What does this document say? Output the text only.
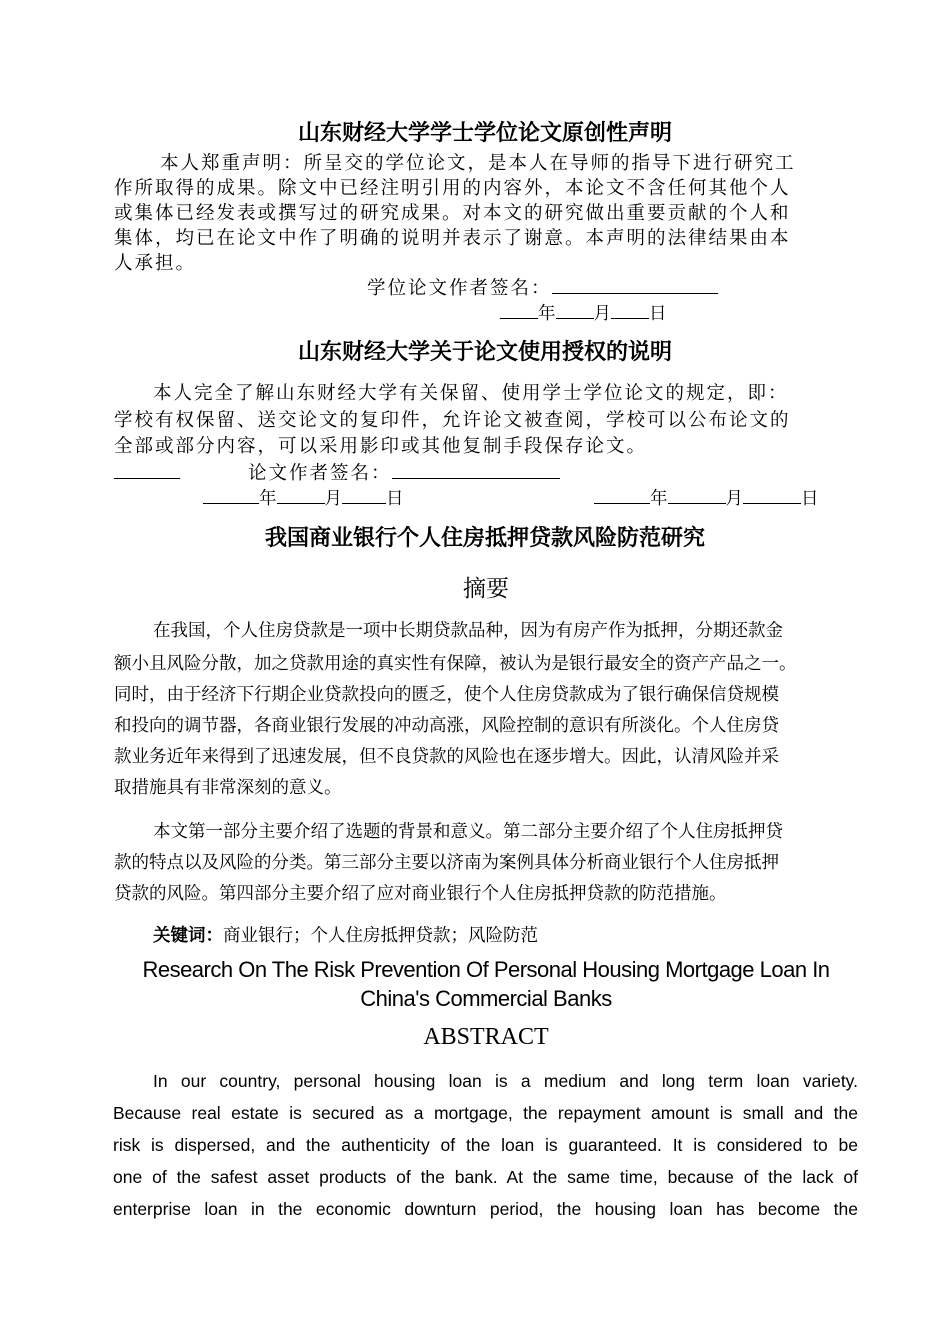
山东财经大学学士学位论文原创性声明
本人郑重声明：所呈交的学位论文，是本人在导师的指导下进行研究工
作所取得的成果。除文中已经注明引用的内容外，本论文不含任何其他个人
或集体已经发表或撰写过的研究成果。对本文的研究做出重要贡献的个人和
集体，均已在论文中作了明确的说明并表示了谢意。本声明的法律结果由本
人承担。
学位论文作者签名：
年 月 日
山东财经大学关于论文使用授权的说明
本人完全了解山东财经大学有关保留、使用学士学位论文的规定，即：
学校有权保留、送交论文的复印件，允许论文被查阅，学校可以公布论文的
全部或部分内容，可以采用影印或其他复制手段保存论文。
论文作者签名：
年	月	日	年	月	日
我国商业银行个人住房抵押贷款风险防范研究
摘要
在我国，个人住房贷款是一项中长期贷款品种，因为有房产作为抵押，分期还款金
额小且风险分散，加之贷款用途的真实性有保障，被认为是银行最安全的资产产品之一。
同时，由于经济下行期企业贷款投向的匮乏，使个人住房贷款成为了银行确保信贷规模
和投向的调节器，各商业银行发展的冲动高涨，风险控制的意识有所淡化。个人住房贷
款业务近年来得到了迅速发展，但不良贷款的风险也在逐步增大。因此，认清风险并采
取措施具有非常深刻的意义。
本文第一部分主要介绍了选题的背景和意义。第二部分主要介绍了个人住房抵押贷
款的特点以及风险的分类。第三部分主要以济南为案例具体分析商业银行个人住房抵押
贷款的风险。第四部分主要介绍了应对商业银行个人住房抵押贷款的防范措施。
关键词：商业银行；个人住房抵押贷款；风险防范
Research On The Risk Prevention Of Personal Housing Mortgage Loan In
China's Commercial Banks
ABSTRACT
In our country, personal housing loan is a medium and long term loan variety.
Because real estate is secured as a mortgage, the repayment amount is small and the
risk is dispersed, and the authenticity of the loan is guaranteed. It is considered to be
one of the safest asset products of the bank. At the same time, because of the lack of
enterprise loan in the economic downturn period, the housing loan has become the
